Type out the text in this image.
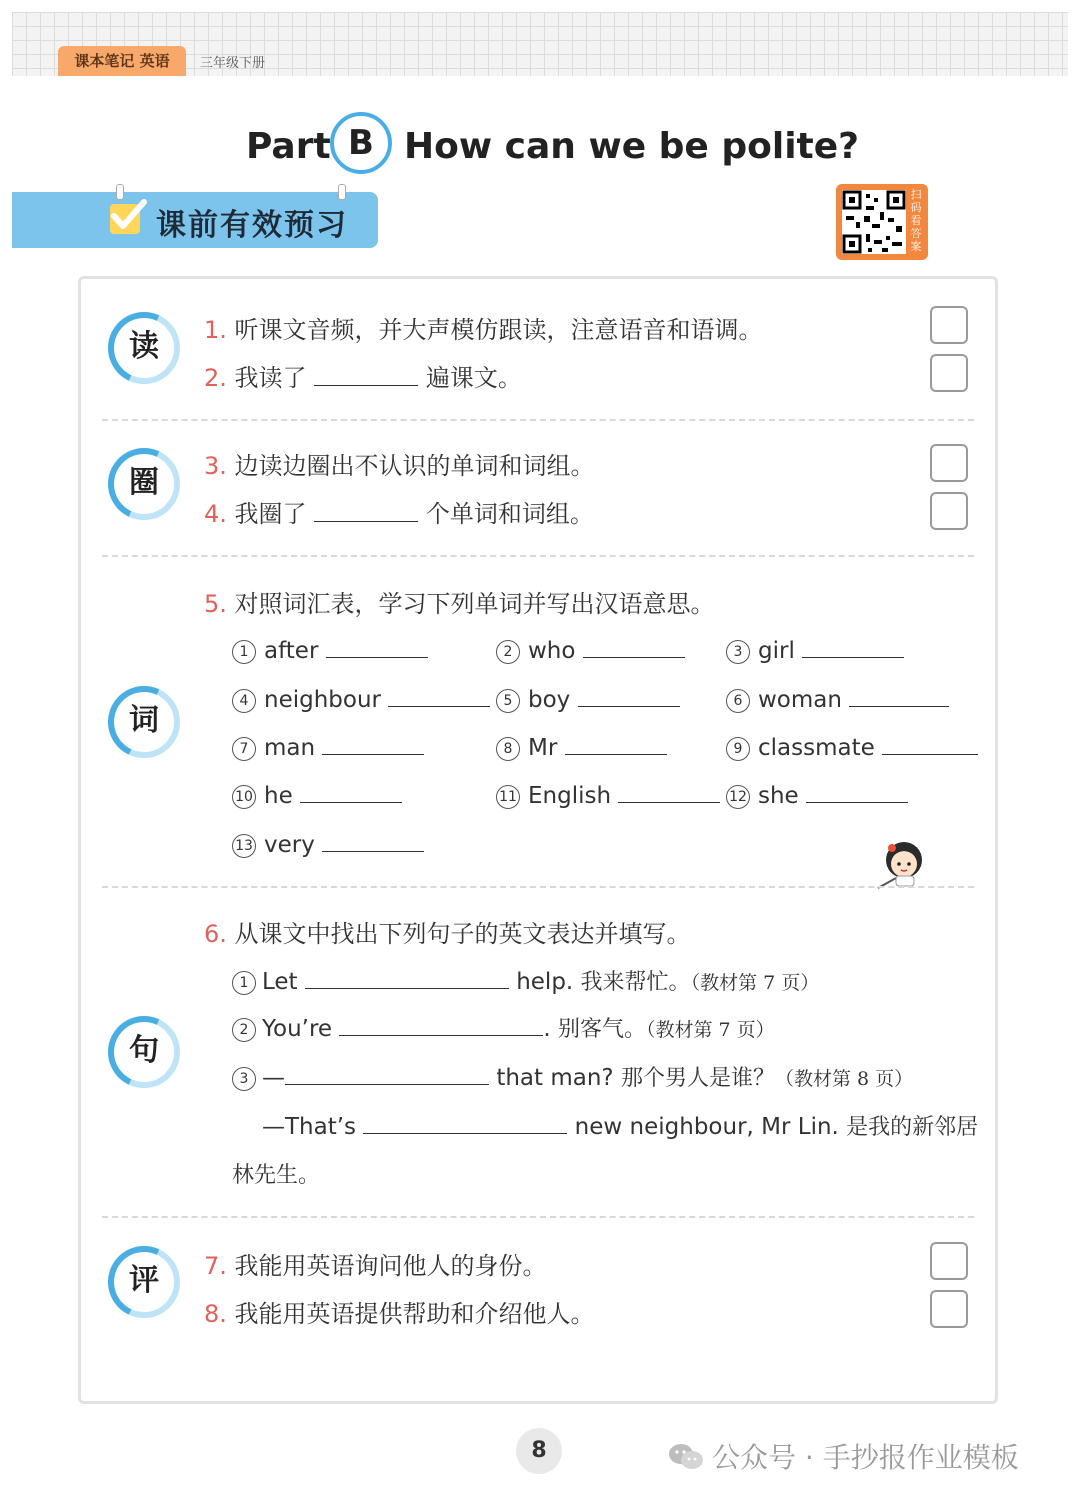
课本笔记 英语	三年级下册
Part B How can we be polite?
课前有效预习
扫码看答案
读	1. 听课文音频，并大声模仿跟读，注意语音和语调。
2. 我读了	遍课文。
圈	3. 边读边圈出不认识的单词和词组。
4. 我圈了	个单词和词组。
词
5. 对照词汇表，学习下列单词并写出汉语意思。
1 after	2 who	3 girl
4 neighbour	5 boy	6 woman
7 man	8 Mr	9 classmate
10 he	11 English	12 she
13 very
句
6. 从课文中找出下列句子的英文表达并填写。
1 Let	help. 我来帮忙。（教材第 7 页）
2 You’re	. 别客气。（教材第 7 页）
3 —	that man? 那个男人是谁？（教材第 8 页）
—That’s	new neighbour, Mr Lin. 是我的新邻居
林先生。
评	7. 我能用英语询问他人的身份。
8. 我能用英语提供帮助和介绍他人。
8	公众号 · 手抄报作业模板
